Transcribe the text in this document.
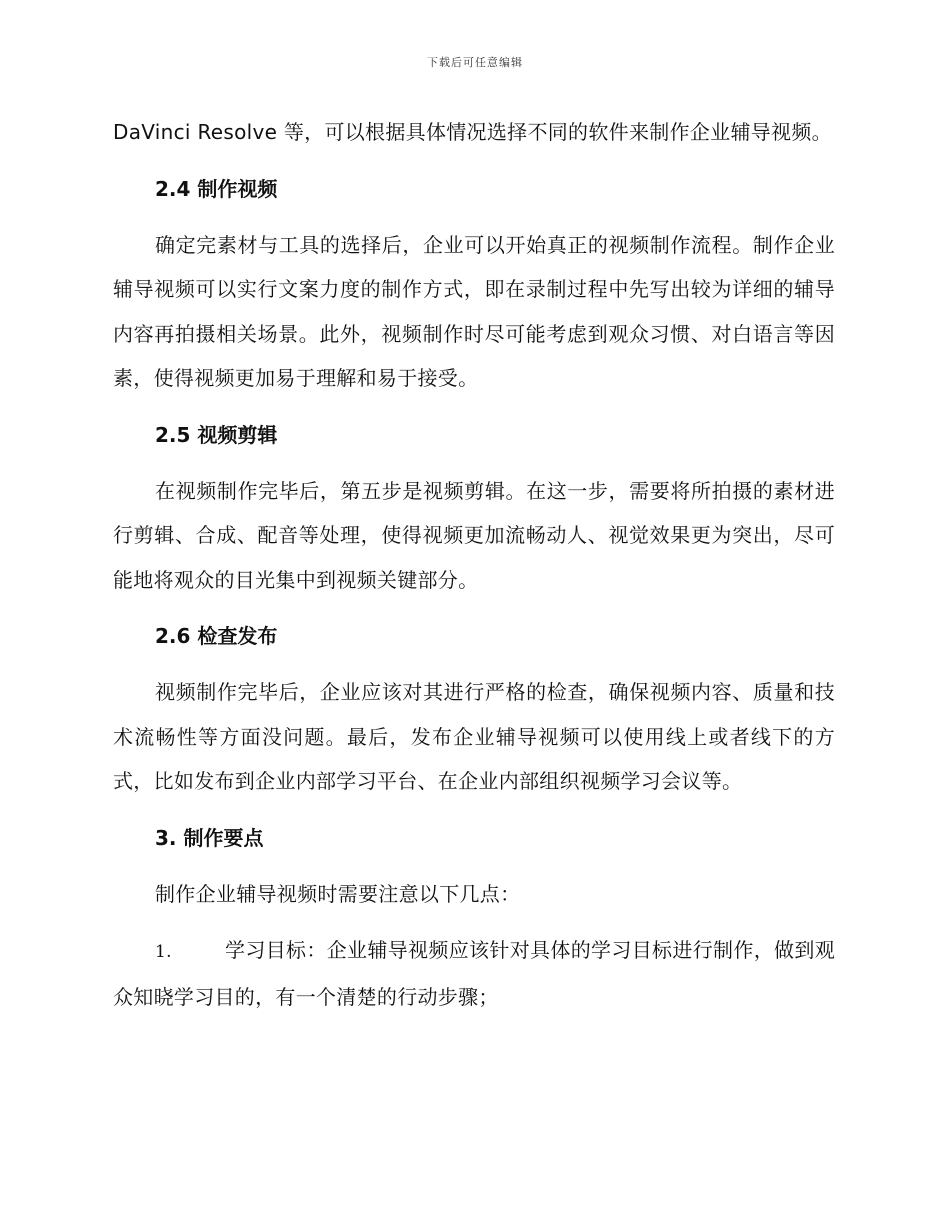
下载后可任意编辑

DaVinci Resolve 等，可以根据具体情况选择不同的软件来制作企业辅导视频。

2.4 制作视频

确定完素材与工具的选择后，企业可以开始真正的视频制作流程。制作企业辅导视频可以实行文案力度的制作方式，即在录制过程中先写出较为详细的辅导内容再拍摄相关场景。此外，视频制作时尽可能考虑到观众习惯、对白语言等因素，使得视频更加易于理解和易于接受。

2.5 视频剪辑

在视频制作完毕后，第五步是视频剪辑。在这一步，需要将所拍摄的素材进行剪辑、合成、配音等处理，使得视频更加流畅动人、视觉效果更为突出，尽可能地将观众的目光集中到视频关键部分。

2.6 检查发布

视频制作完毕后，企业应该对其进行严格的检查，确保视频内容、质量和技术流畅性等方面没问题。最后，发布企业辅导视频可以使用线上或者线下的方式，比如发布到企业内部学习平台、在企业内部组织视频学习会议等。

3. 制作要点

制作企业辅导视频时需要注意以下几点：

1.	学习目标：企业辅导视频应该针对具体的学习目标进行制作，做到观众知晓学习目的，有一个清楚的行动步骤；
